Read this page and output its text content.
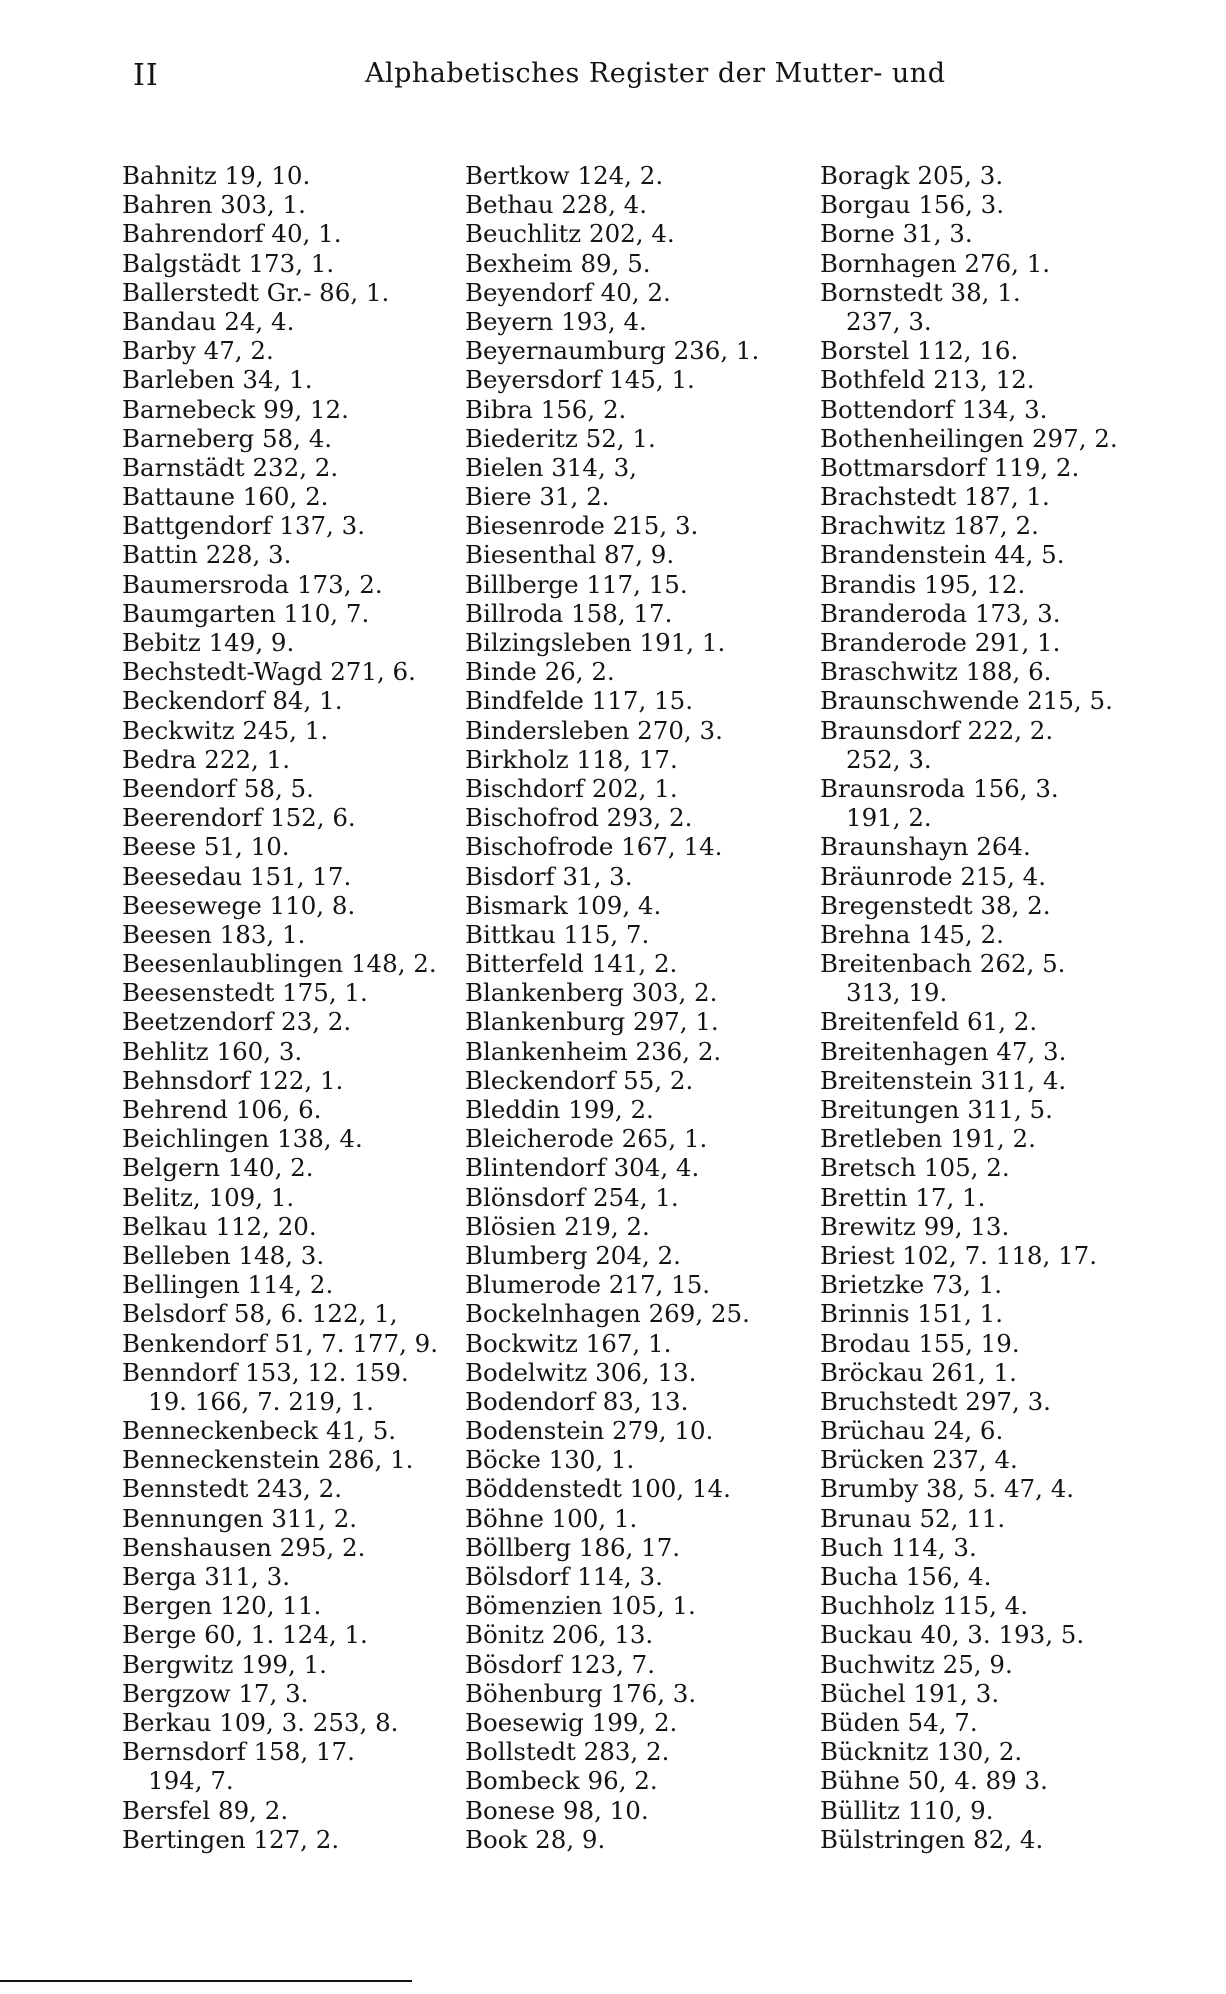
II	Alphabetisches Register der Mutter- und
Bahnitz 19, 10.
Bahren 303, 1.
Bahrendorf 40, 1.
Balgstädt 173, 1.
Ballerstedt Gr.- 86, 1.
Bandau 24, 4.
Barby 47, 2.
Barleben 34, 1.
Barnebeck 99, 12.
Barneberg 58, 4.
Barnstädt 232, 2.
Battaune 160, 2.
Battgendorf 137, 3.
Battin 228, 3.
Baumersroda 173, 2.
Baumgarten 110, 7.
Bebitz 149, 9.
Bechstedt-Wagd 271, 6.
Beckendorf 84, 1.
Beckwitz 245, 1.
Bedra 222, 1.
Beendorf 58, 5.
Beerendorf 152, 6.
Beese 51, 10.
Beesedau 151, 17.
Beesewege 110, 8.
Beesen 183, 1.
Beesenlaublingen 148, 2.
Beesenstedt 175, 1.
Beetzendorf 23, 2.
Behlitz 160, 3.
Behnsdorf 122, 1.
Behrend 106, 6.
Beichlingen 138, 4.
Belgern 140, 2.
Belitz, 109, 1.
Belkau 112, 20.
Belleben 148, 3.
Bellingen 114, 2.
Belsdorf 58, 6. 122, 1,
Benkendorf 51, 7. 177, 9.
Benndorf 153, 12. 159.
19. 166, 7. 219, 1.
Benneckenbeck 41, 5.
Benneckenstein 286, 1.
Bennstedt 243, 2.
Bennungen 311, 2.
Benshausen 295, 2.
Berga 311, 3.
Bergen 120, 11.
Berge 60, 1. 124, 1.
Bergwitz 199, 1.
Bergzow 17, 3.
Berkau 109, 3. 253, 8.
Bernsdorf 158, 17.
194, 7.
Bersfel 89, 2.
Bertingen 127, 2.
Bertkow 124, 2.
Bethau 228, 4.
Beuchlitz 202, 4.
Bexheim 89, 5.
Beyendorf 40, 2.
Beyern 193, 4.
Beyernaumburg 236, 1.
Beyersdorf 145, 1.
Bibra 156, 2.
Biederitz 52, 1.
Bielen 314, 3,
Biere 31, 2.
Biesenrode 215, 3.
Biesenthal 87, 9.
Billberge 117, 15.
Billroda 158, 17.
Bilzingsleben 191, 1.
Binde 26, 2.
Bindfelde 117, 15.
Bindersleben 270, 3.
Birkholz 118, 17.
Bischdorf 202, 1.
Bischofrod 293, 2.
Bischofrode 167, 14.
Bisdorf 31, 3.
Bismark 109, 4.
Bittkau 115, 7.
Bitterfeld 141, 2.
Blankenberg 303, 2.
Blankenburg 297, 1.
Blankenheim 236, 2.
Bleckendorf 55, 2.
Bleddin 199, 2.
Bleicherode 265, 1.
Blintendorf 304, 4.
Blönsdorf 254, 1.
Blösien 219, 2.
Blumberg 204, 2.
Blumerode 217, 15.
Bockelnhagen 269, 25.
Bockwitz 167, 1.
Bodelwitz 306, 13.
Bodendorf 83, 13.
Bodenstein 279, 10.
Böcke 130, 1.
Böddenstedt 100, 14.
Böhne 100, 1.
Böllberg 186, 17.
Bölsdorf 114, 3.
Bömenzien 105, 1.
Bönitz 206, 13.
Bösdorf 123, 7.
Böhenburg 176, 3.
Boesewig 199, 2.
Bollstedt 283, 2.
Bombeck 96, 2.
Bonese 98, 10.
Book 28, 9.
Boragk 205, 3.
Borgau 156, 3.
Borne 31, 3.
Bornhagen 276, 1.
Bornstedt 38, 1.
237, 3.
Borstel 112, 16.
Bothfeld 213, 12.
Bottendorf 134, 3.
Bothenheilingen 297, 2.
Bottmarsdorf 119, 2.
Brachstedt 187, 1.
Brachwitz 187, 2.
Brandenstein 44, 5.
Brandis 195, 12.
Branderoda 173, 3.
Branderode 291, 1.
Braschwitz 188, 6.
Braunschwende 215, 5.
Braunsdorf 222, 2.
252, 3.
Braunsroda 156, 3.
191, 2.
Braunshayn 264.
Bräunrode 215, 4.
Bregenstedt 38, 2.
Brehna 145, 2.
Breitenbach 262, 5.
313, 19.
Breitenfeld 61, 2.
Breitenhagen 47, 3.
Breitenstein 311, 4.
Breitungen 311, 5.
Bretleben 191, 2.
Bretsch 105, 2.
Brettin 17, 1.
Brewitz 99, 13.
Briest 102, 7. 118, 17.
Brietzke 73, 1.
Brinnis 151, 1.
Brodau 155, 19.
Bröckau 261, 1.
Bruchstedt 297, 3.
Brüchau 24, 6.
Brücken 237, 4.
Brumby 38, 5. 47, 4.
Brunau 52, 11.
Buch 114, 3.
Bucha 156, 4.
Buchholz 115, 4.
Buckau 40, 3. 193, 5.
Buchwitz 25, 9.
Büchel 191, 3.
Büden 54, 7.
Bücknitz 130, 2.
Bühne 50, 4. 89 3.
Büllitz 110, 9.
Bülstringen 82, 4.
